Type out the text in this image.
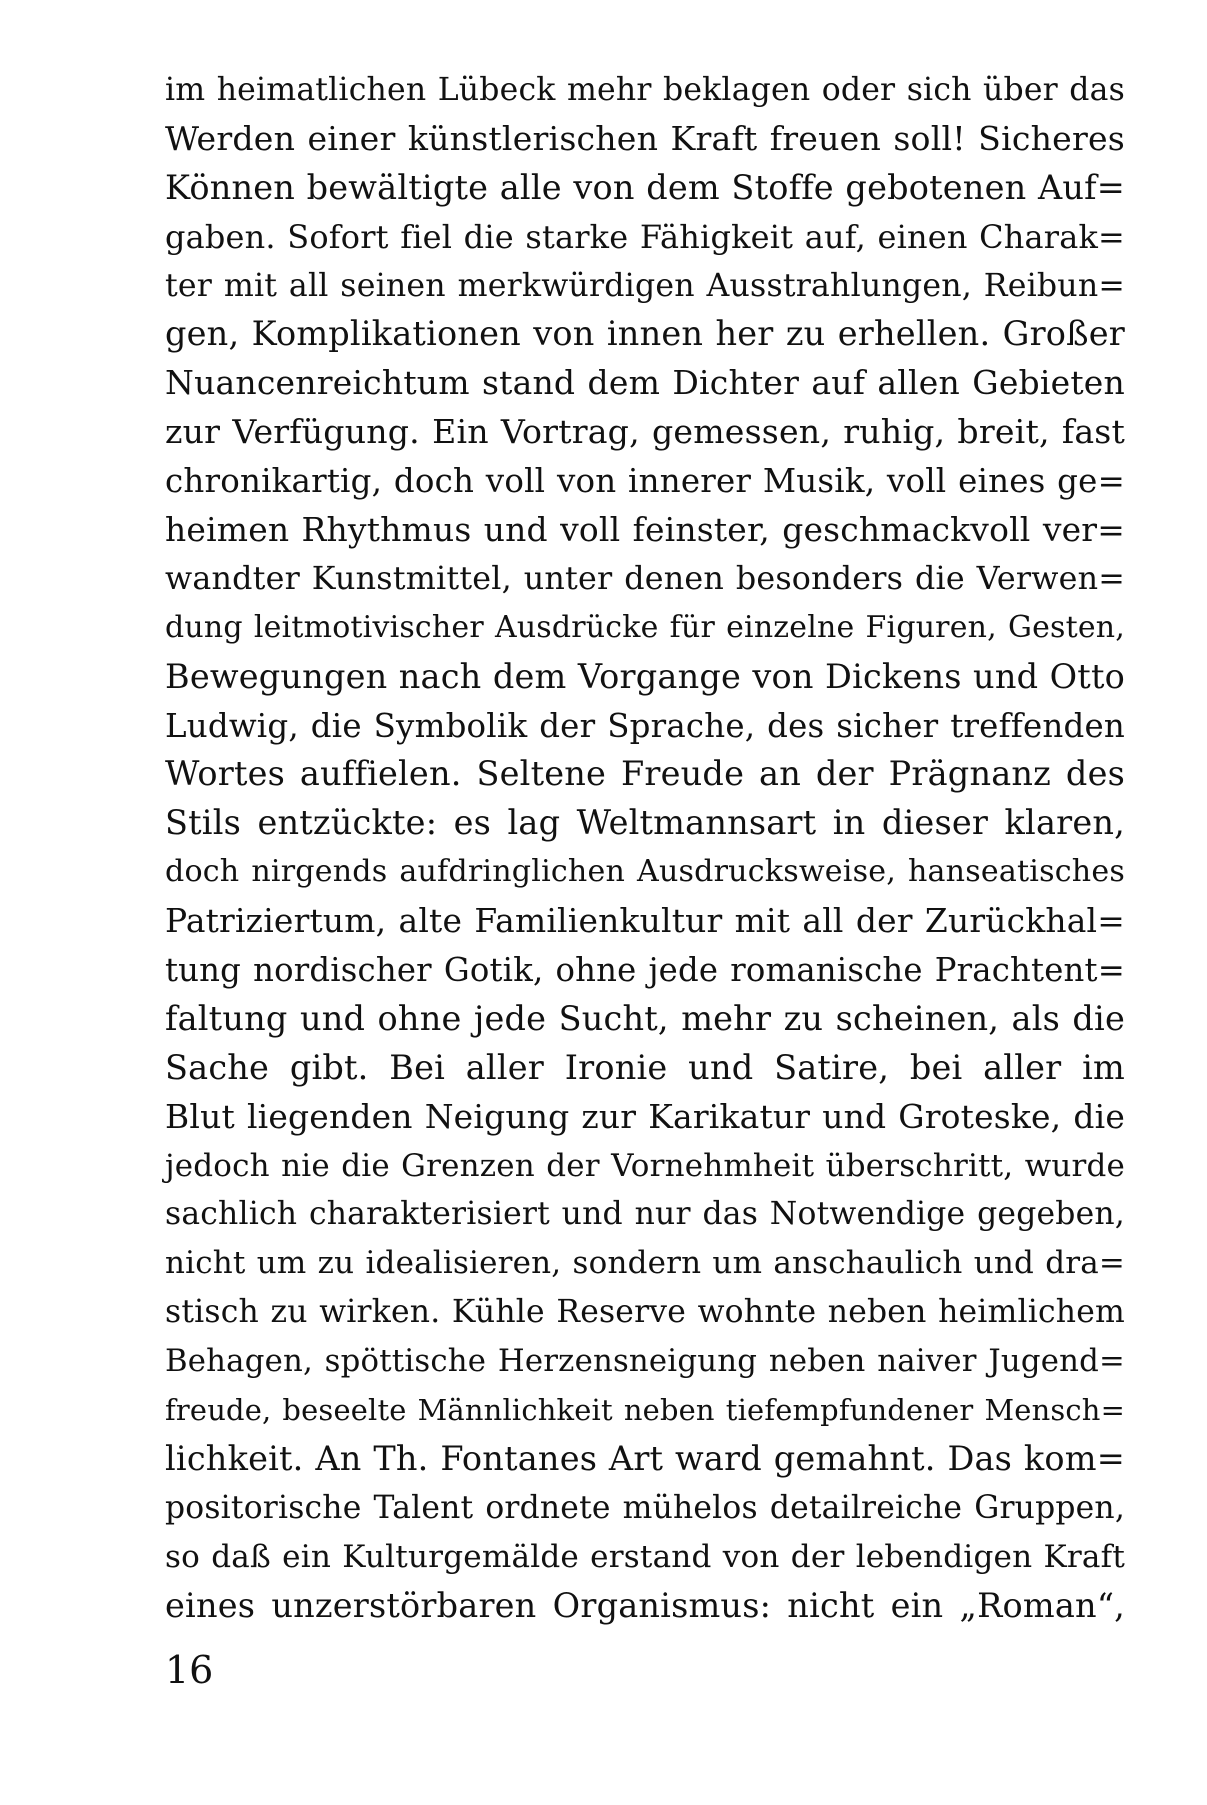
im heimatlichen Lübeck mehr beklagen oder sich über das
Werden einer künstlerischen Kraft freuen soll! Sicheres
Können bewältigte alle von dem Stoffe gebotenen Auf=
gaben. Sofort fiel die starke Fähigkeit auf, einen Charak=
ter mit all seinen merkwürdigen Ausstrahlungen, Reibun=
gen, Komplikationen von innen her zu erhellen. Großer
Nuancenreichtum stand dem Dichter auf allen Gebieten
zur Verfügung. Ein Vortrag, gemessen, ruhig, breit, fast
chronikartig, doch voll von innerer Musik, voll eines ge=
heimen Rhythmus und voll feinster, geschmackvoll ver=
wandter Kunstmittel, unter denen besonders die Verwen=
dung leitmotivischer Ausdrücke für einzelne Figuren, Gesten,
Bewegungen nach dem Vorgange von Dickens und Otto
Ludwig, die Symbolik der Sprache, des sicher treffenden
Wortes auffielen. Seltene Freude an der Prägnanz des
Stils entzückte: es lag Weltmannsart in dieser klaren,
doch nirgends aufdringlichen Ausdrucksweise, hanseatisches
Patriziertum, alte Familienkultur mit all der Zurückhal=
tung nordischer Gotik, ohne jede romanische Prachtent=
faltung und ohne jede Sucht, mehr zu scheinen, als die
Sache gibt. Bei aller Ironie und Satire, bei aller im
Blut liegenden Neigung zur Karikatur und Groteske, die
jedoch nie die Grenzen der Vornehmheit überschritt, wurde
sachlich charakterisiert und nur das Notwendige gegeben,
nicht um zu idealisieren, sondern um anschaulich und dra=
stisch zu wirken. Kühle Reserve wohnte neben heimlichem
Behagen, spöttische Herzensneigung neben naiver Jugend=
freude, beseelte Männlichkeit neben tiefempfundener Mensch=
lichkeit. An Th. Fontanes Art ward gemahnt. Das kom=
positorische Talent ordnete mühelos detailreiche Gruppen,
so daß ein Kulturgemälde erstand von der lebendigen Kraft
eines unzerstörbaren Organismus: nicht ein „Roman“,
16
